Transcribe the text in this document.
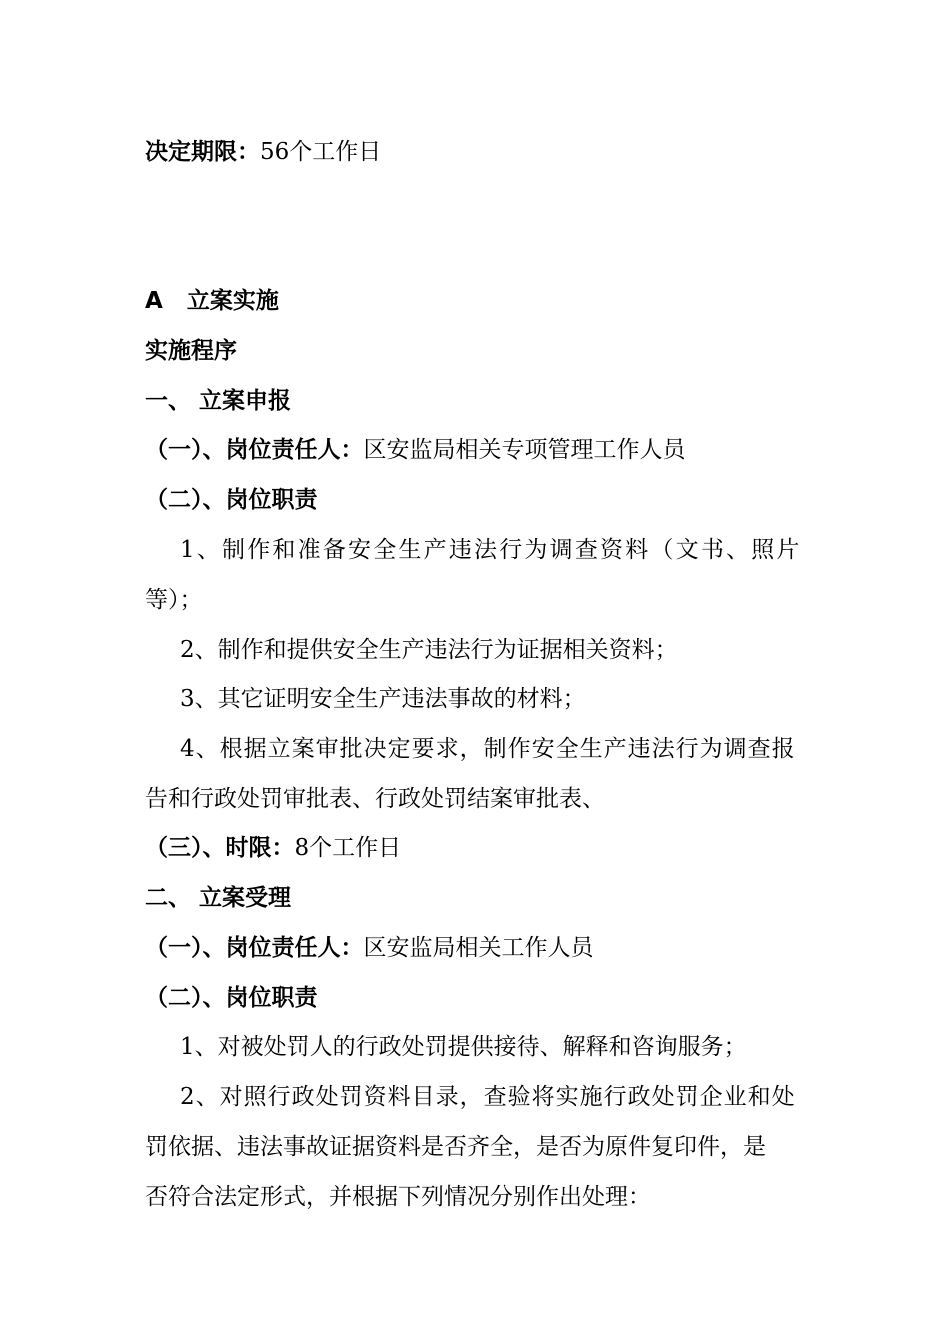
决定期限：56个工作日
A 立案实施
实施程序
一、 立案申报
（一）、岗位责任人：区安监局相关专项管理工作人员
（二）、岗位职责
1、制作和准备安全生产违法行为调查资料（文书、照片
等）；
2、制作和提供安全生产违法行为证据相关资料；
3、其它证明安全生产违法事故的材料；
4、根据立案审批决定要求，制作安全生产违法行为调查报
告和行政处罚审批表、行政处罚结案审批表、
（三）、时限：8个工作日
二、 立案受理
（一）、岗位责任人：区安监局相关工作人员
（二）、岗位职责
1、对被处罚人的行政处罚提供接待、解释和咨询服务；
2、对照行政处罚资料目录，查验将实施行政处罚企业和处
罚依据、违法事故证据资料是否齐全，是否为原件复印件，是
否符合法定形式，并根据下列情况分别作出处理：
